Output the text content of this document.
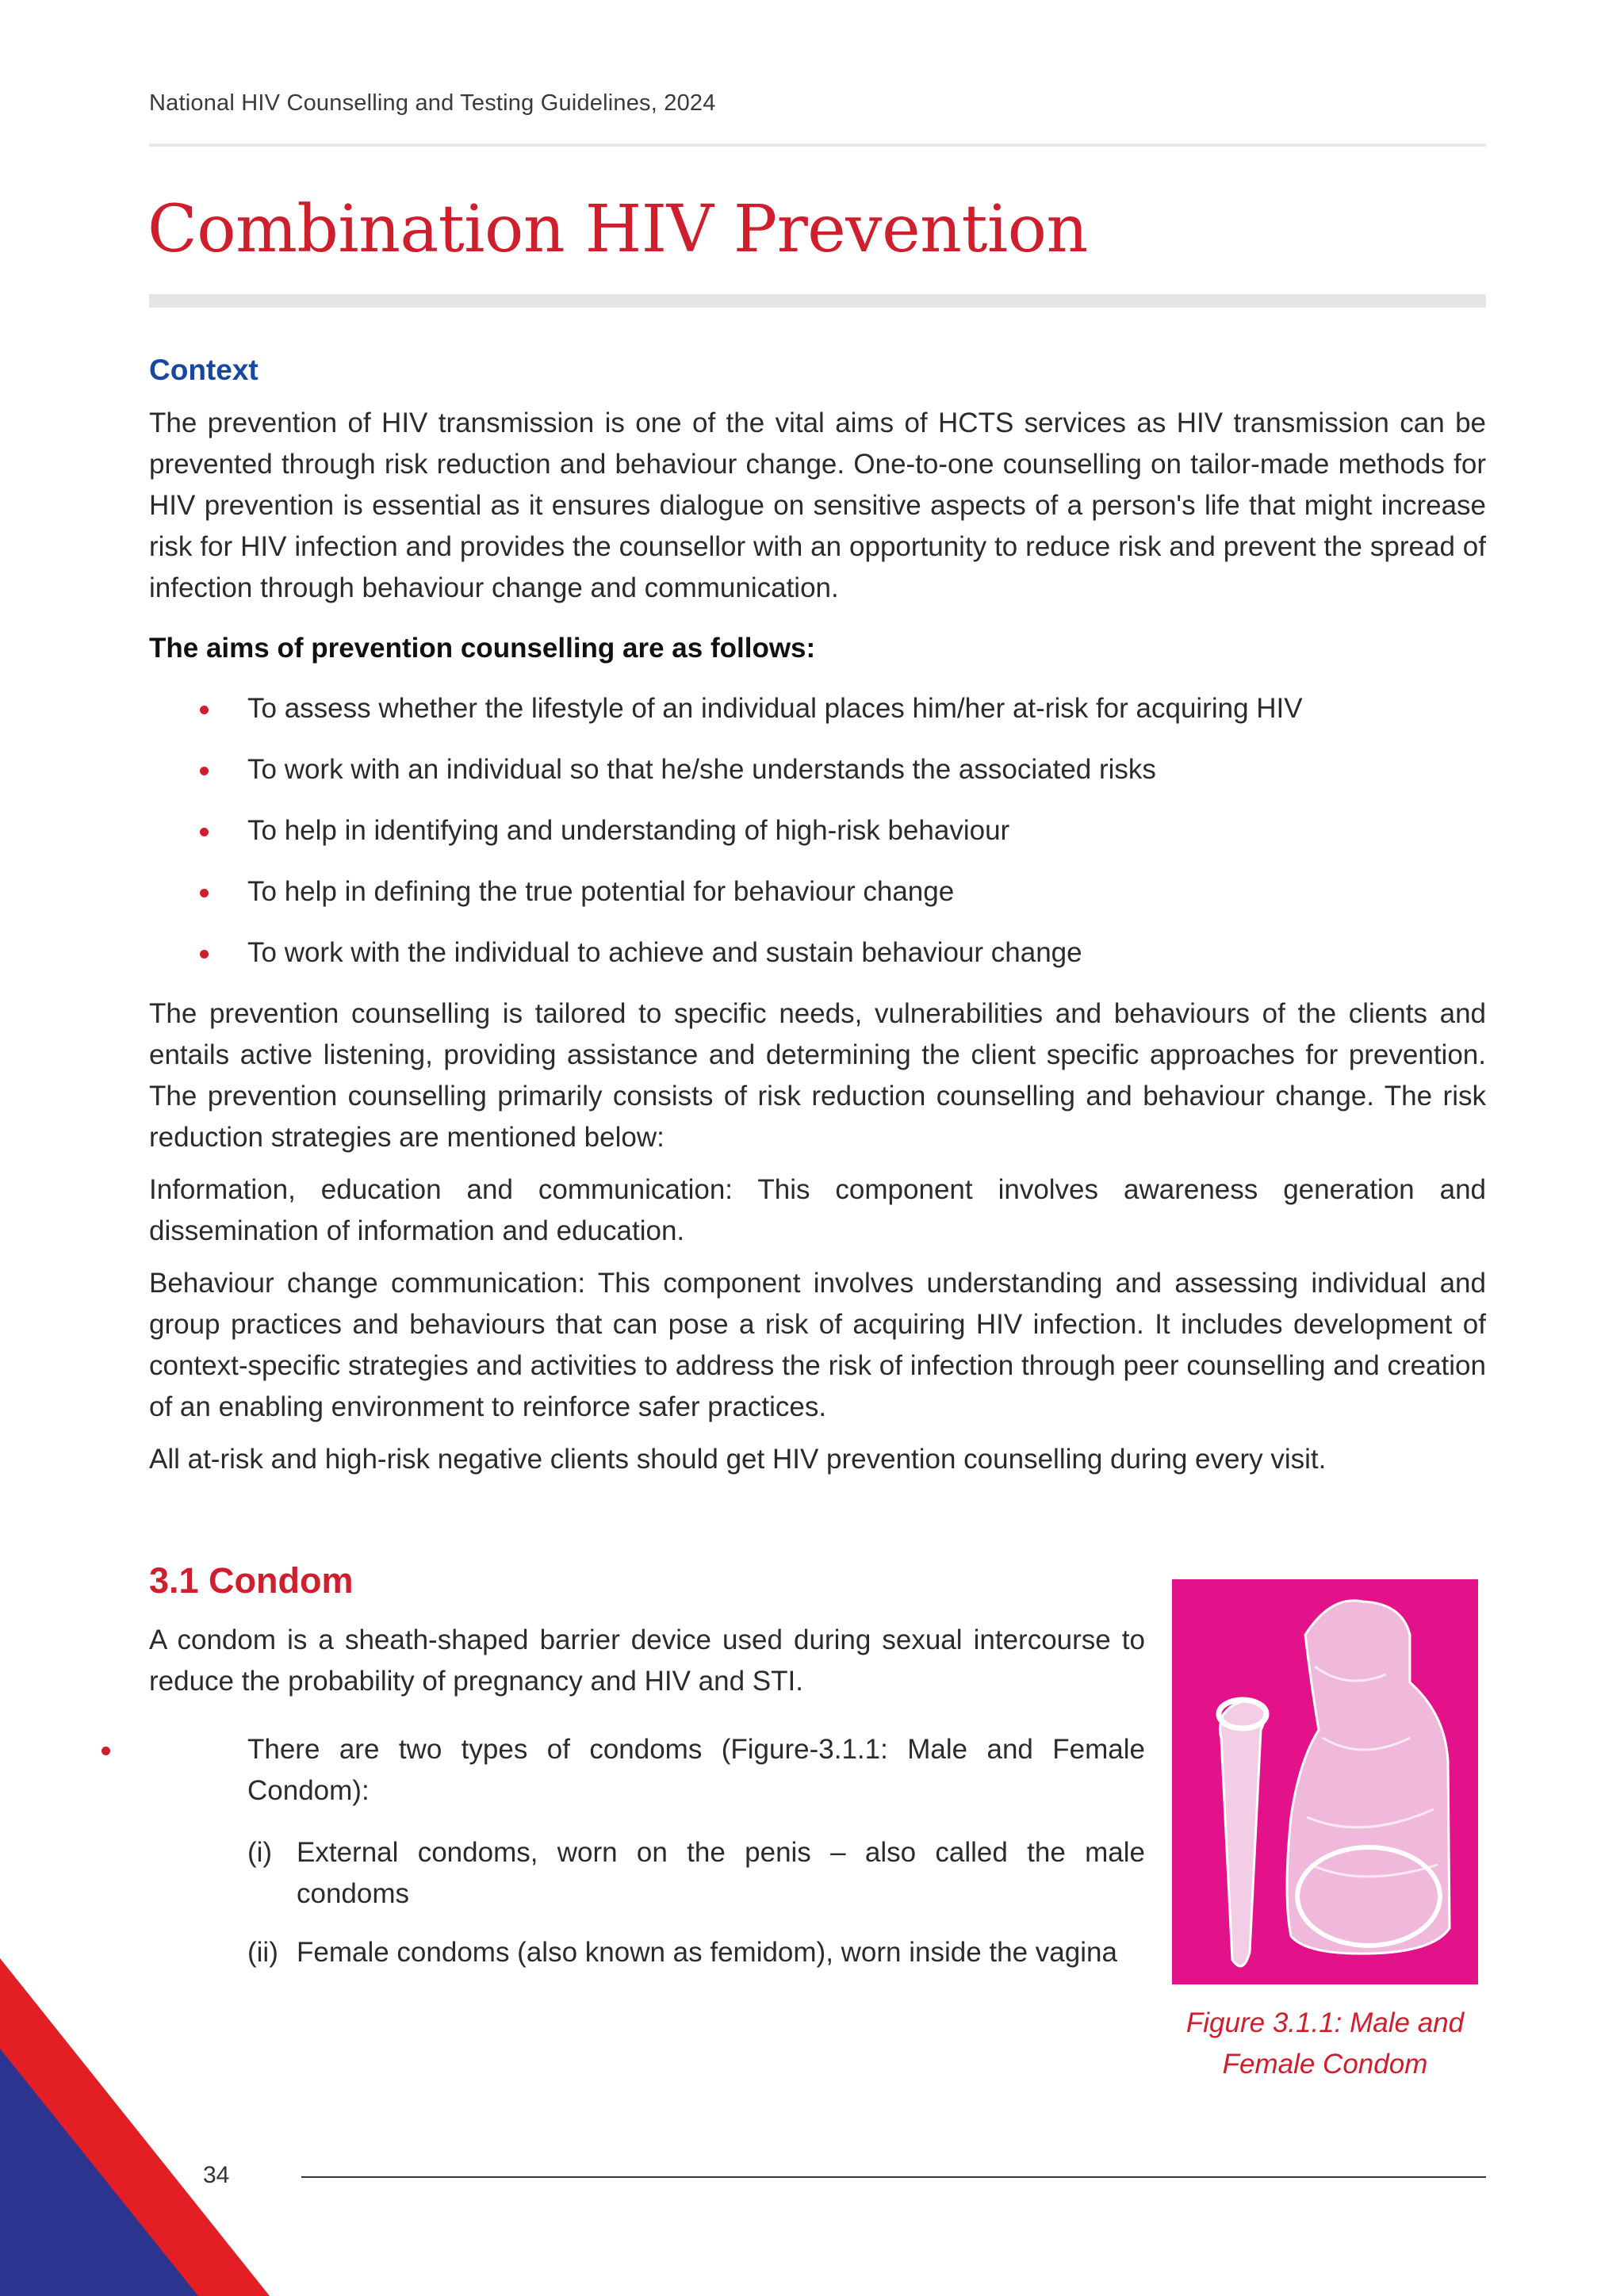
National HIV Counselling and Testing Guidelines, 2024
Combination HIV Prevention
Context

The prevention of HIV transmission is one of the vital aims of HCTS services as HIV transmission can be prevented through risk reduction and behaviour change. One-to-one counselling on tailor-made methods for HIV prevention is essential as it ensures dialogue on sensitive aspects of a person's life that might increase risk for HIV infection and provides the counsellor with an opportunity to reduce risk and prevent the spread of infection through behaviour change and communication.

The aims of prevention counselling are as follows:

To assess whether the lifestyle of an individual places him/her at-risk for acquiring HIV
To work with an individual so that he/she understands the associated risks
To help in identifying and understanding of high-risk behaviour
To help in defining the true potential for behaviour change
To work with the individual to achieve and sustain behaviour change

The prevention counselling is tailored to specific needs, vulnerabilities and behaviours of the clients and entails active listening, providing assistance and determining the client specific approaches for prevention. The prevention counselling primarily consists of risk reduction counselling and behaviour change. The risk reduction strategies are mentioned below:

Information, education and communication: This component involves awareness generation and dissemination of information and education.

Behaviour change communication: This component involves understanding and assessing individual and group practices and behaviours that can pose a risk of acquiring HIV infection. It includes development of context-specific strategies and activities to address the risk of infection through peer counselling and creation of an enabling environment to reinforce safer practices.

All at-risk and high-risk negative clients should get HIV prevention counselling during every visit.

3.1 Condom

A condom is a sheath-shaped barrier device used during sexual intercourse to reduce the probability of pregnancy and HIV and STI.

There are two types of condoms (Figure-3.1.1: Male and Female Condom):

(i) External condoms, worn on the penis – also called the male condoms

(ii) Female condoms (also known as femidom), worn inside the vagina

Figure 3.1.1: Male and Female Condom
34
